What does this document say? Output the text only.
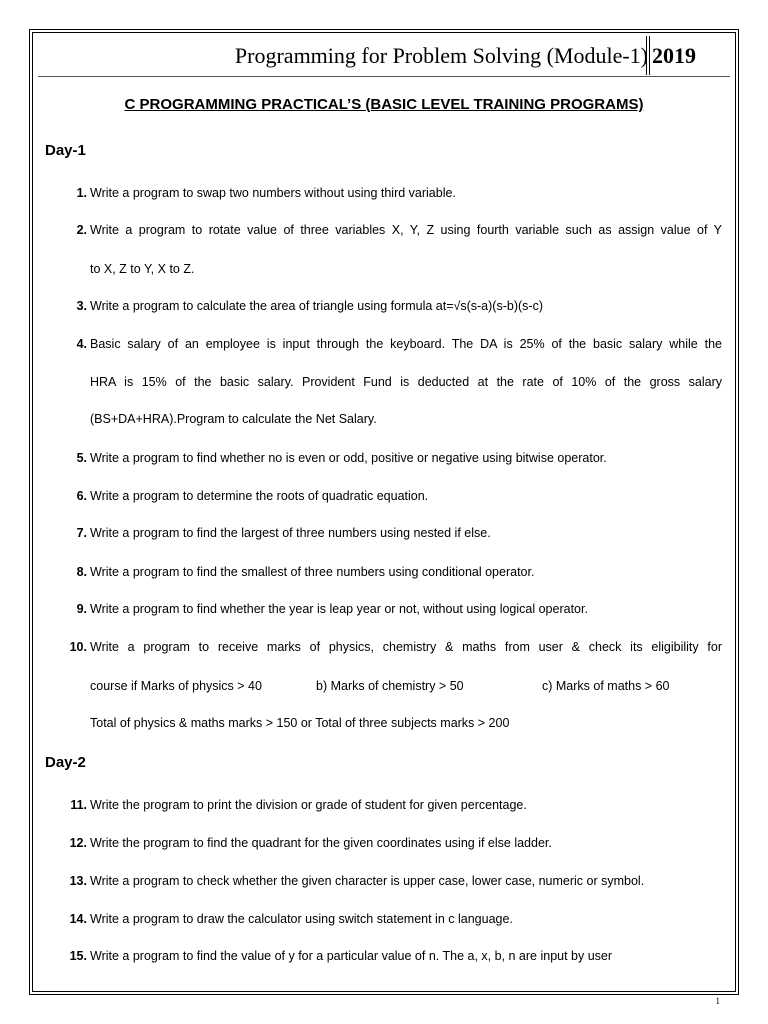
Programming for Problem Solving (Module-1) 2019
C PROGRAMMING PRACTICAL’S (BASIC LEVEL TRAINING PROGRAMS)
Day-1
1. Write a program to swap two numbers without using third variable.
2. Write a program to rotate value of three variables X, Y, Z using fourth variable such as assign value of Y
to X, Z to Y, X to Z.
3. Write a program to calculate the area of triangle using formula at=√s(s-a)(s-b)(s-c)
4. Basic salary of an employee is input through the keyboard. The DA is 25% of the basic salary while the
HRA is 15% of the basic salary. Provident Fund is deducted at the rate of 10% of the gross salary
(BS+DA+HRA).Program to calculate the Net Salary.
5. Write a program to find whether no is even or odd, positive or negative using bitwise operator.
6. Write a program to determine the roots of quadratic equation.
7. Write a program to find the largest of three numbers using nested if else.
8. Write a program to find the smallest of three numbers using conditional operator.
9. Write a program to find whether the year is leap year or not, without using logical operator.
10. Write a program to receive marks of physics, chemistry & maths from user & check its eligibility for
course if Marks of physics > 40	b) Marks of chemistry > 50	c) Marks of maths > 60
Total of physics & maths marks > 150 or Total of three subjects marks > 200
Day-2
11. Write the program to print the division or grade of student for given percentage.
12. Write the program to find the quadrant for the given coordinates using if else ladder.
13. Write a program to check whether the given character is upper case, lower case, numeric or symbol.
14. Write a program to draw the calculator using switch statement in c language.
15. Write a program to find the value of y for a particular value of n. The a, x, b, n are input by user
1
